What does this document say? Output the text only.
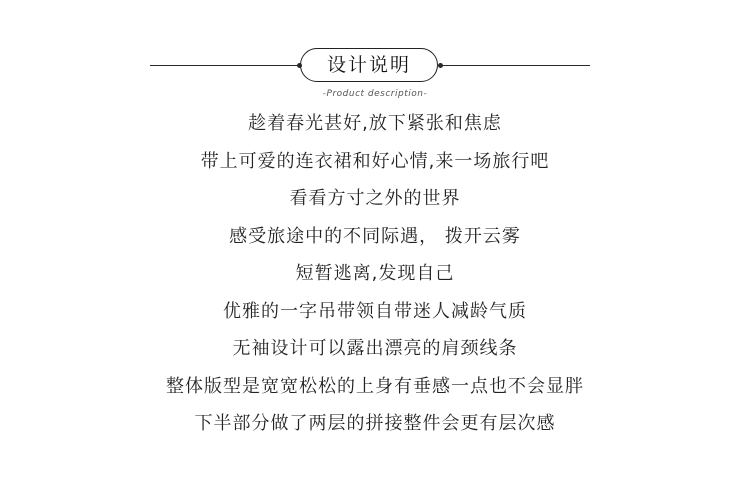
设计说明
-Product description-
趁着春光甚好,放下紧张和焦虑
带上可爱的连衣裙和好心情,来一场旅行吧
看看方寸之外的世界
感受旅途中的不同际遇， 拨开云雾
短暂逃离,发现自己
优雅的一字吊带领自带迷人减龄气质
无袖设计可以露出漂亮的肩颈线条
整体版型是宽宽松松的上身有垂感一点也不会显胖
下半部分做了两层的拼接整件会更有层次感
